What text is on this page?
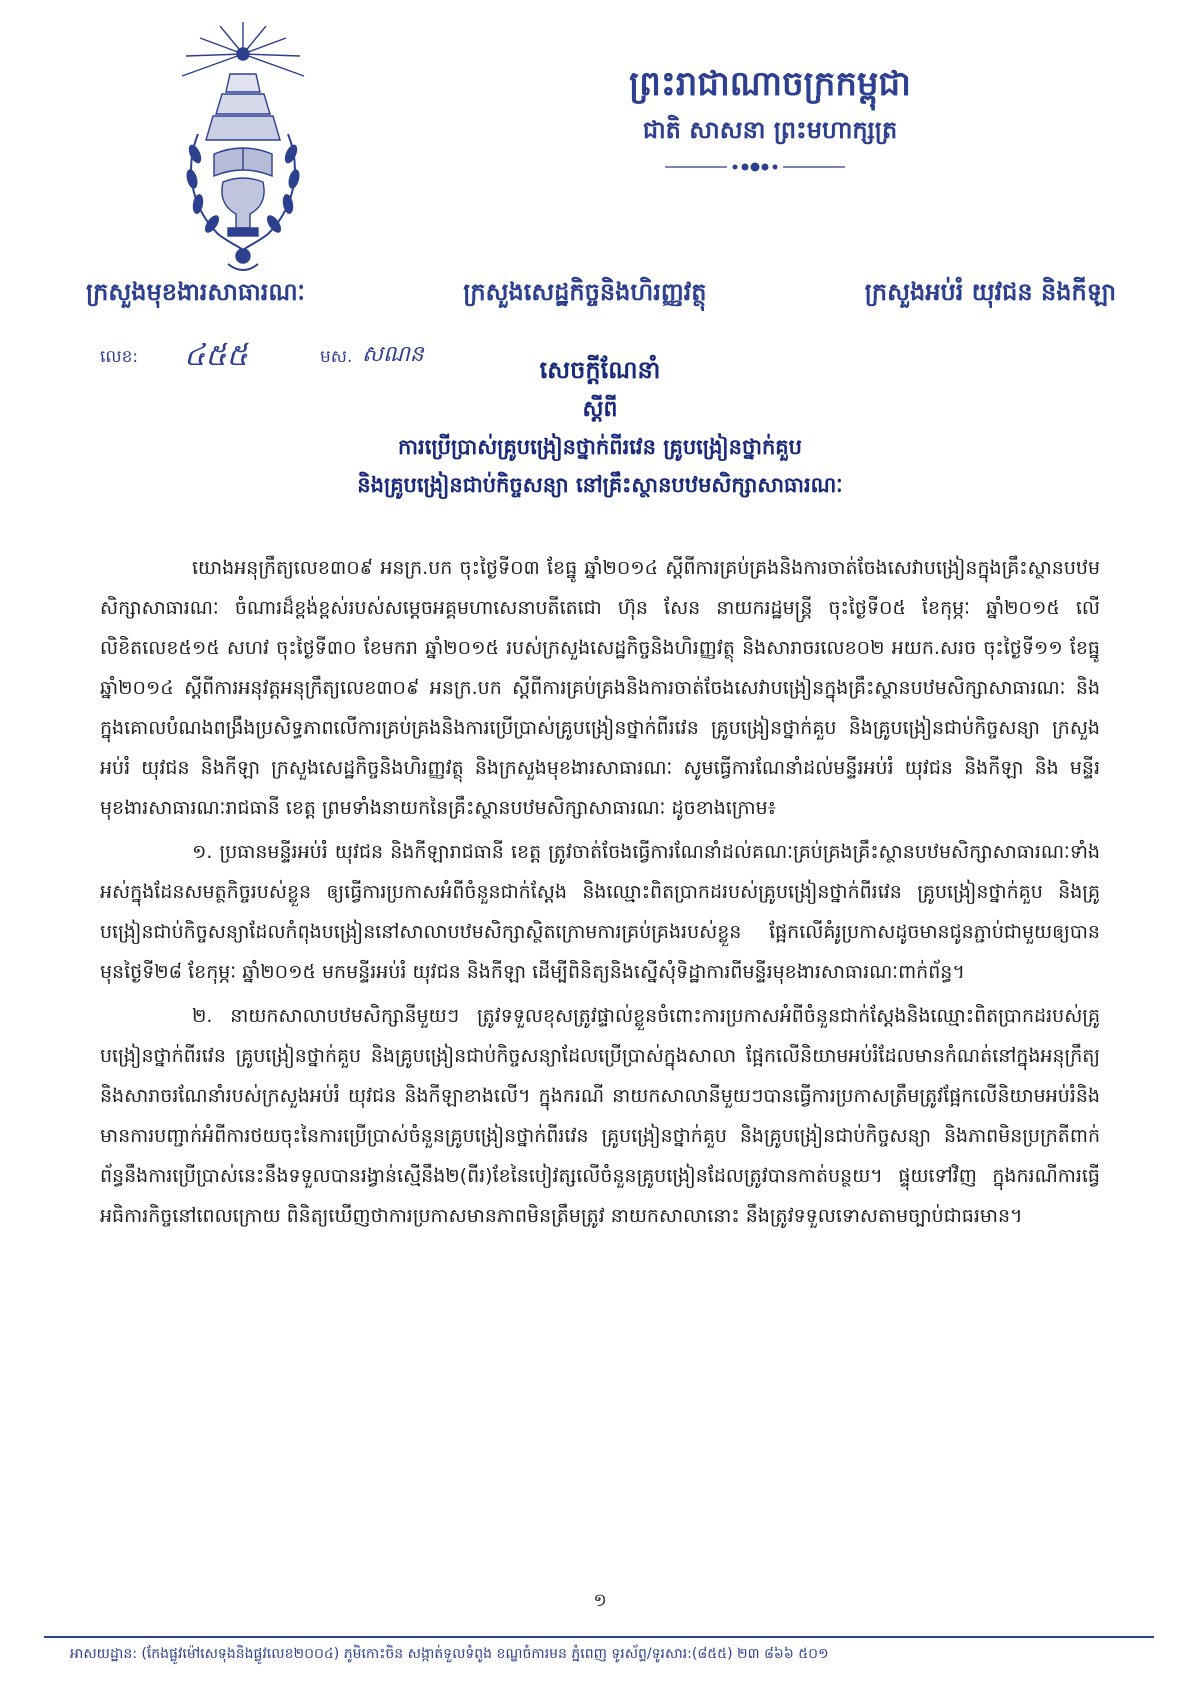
ព្រះរាជាណាចក្រកម្ពុជា
ជាតិ សាសនា ព្រះមហាក្សត្រ
ក្រសួងមុខងារសាធារណៈ	ក្រសួងសេដ្ឋកិច្ចនិងហិរញ្ញវត្ថុ	ក្រសួងអប់រំ យុវជន និងកីឡា
លេខ: ៤៥៥	មស. សណន
សេចក្តីណែនាំ
ស្តីពី
ការប្រើប្រាស់គ្រូបង្រៀនថ្នាក់ពីរវេន គ្រូបង្រៀនថ្នាក់គួប
និងគ្រូបង្រៀនជាប់កិច្ចសន្យា នៅគ្រឹះស្ថានបឋមសិក្សាសាធារណៈ

យោងអនុក្រឹត្យលេខ៣០៩ អនក្រ.បក ចុះថ្ងៃទី០៣ ខែធ្នូ ឆ្នាំ២០១៤ ស្តីពីការគ្រប់គ្រងនិងការចាត់ចែងសេវាបង្រៀនក្នុងគ្រឹះស្ថានបឋមសិក្សាសាធារណៈ ចំណារដ៏ខ្ពង់ខ្ពស់របស់សម្តេចអគ្គមហាសេនាបតីតេជោ ហ៊ុន សែន នាយករដ្ឋមន្ត្រី ចុះថ្ងៃទី០៥ ខែកុម្ភៈ ឆ្នាំ២០១៥ លើលិខិតលេខ៥១៥ សហវ ចុះថ្ងៃទី៣០ ខែមករា ឆ្នាំ២០១៥ របស់ក្រសួងសេដ្ឋកិច្ចនិងហិរញ្ញវត្ថុ និងសារាចរលេខ០២ អយក.សរច ចុះថ្ងៃទី១១ ខែធ្នូ ឆ្នាំ២០១៤ ស្តីពីការអនុវត្តអនុក្រឹត្យលេខ៣០៩ អនក្រ.បក ស្តីពីការគ្រប់គ្រងនិងការចាត់ចែងសេវាបង្រៀនក្នុងគ្រឹះស្ថានបឋមសិក្សាសាធារណៈ និងក្នុងគោលបំណងពង្រឹងប្រសិទ្ធភាពលើការគ្រប់គ្រងនិងការប្រើប្រាស់គ្រូបង្រៀនថ្នាក់ពីរវេន គ្រូបង្រៀនថ្នាក់គួប និងគ្រូបង្រៀនជាប់កិច្ចសន្យា ក្រសួងអប់រំ យុវជន និងកីឡា ក្រសួងសេដ្ឋកិច្ចនិងហិរញ្ញវត្ថុ និងក្រសួងមុខងារសាធារណៈ សូមធ្វើការណែនាំដល់មន្ទីរអប់រំ យុវជន និងកីឡា និង មន្ទីរមុខងារសាធារណៈរាជធានី ខេត្ត ព្រមទាំងនាយកនៃគ្រឹះស្ថានបឋមសិក្សាសាធារណៈ ដូចខាងក្រោម៖

១. ប្រធានមន្ទីរអប់រំ យុវជន និងកីឡារាជធានី ខេត្ត ត្រូវចាត់ចែងធ្វើការណែនាំដល់គណៈគ្រប់គ្រងគ្រឹះស្ថានបឋមសិក្សាសាធារណៈទាំងអស់ក្នុងដែនសមត្ថកិច្ចរបស់ខ្លួន ឲ្យធ្វើការប្រកាសអំពីចំនួនជាក់ស្តែង និងឈ្មោះពិតប្រាកដរបស់គ្រូបង្រៀនថ្នាក់ពីរវេន គ្រូបង្រៀនថ្នាក់គួប និងគ្រូបង្រៀនជាប់កិច្ចសន្យាដែលកំពុងបង្រៀននៅសាលាបឋមសិក្សាស្ថិតក្រោមការគ្រប់គ្រងរបស់ខ្លួន ផ្អែកលើគំរូប្រកាសដូចមានជូនភ្ជាប់ជាមួយឲ្យបានមុនថ្ងៃទី២៨ ខែកុម្ភៈ ឆ្នាំ២០១៥ មកមន្ទីរអប់រំ យុវជន និងកីឡា ដើម្បីពិនិត្យនិងស្នើសុំទិដ្ឋាការពីមន្ទីរមុខងារសាធារណៈពាក់ព័ន្ធ។

២. នាយកសាលាបឋមសិក្សានីមួយៗ ត្រូវទទួលខុសត្រូវផ្ទាល់ខ្លួនចំពោះការប្រកាសអំពីចំនួនជាក់ស្តែងនិងឈ្មោះពិតប្រាកដរបស់គ្រូបង្រៀនថ្នាក់ពីរវេន គ្រូបង្រៀនថ្នាក់គួប និងគ្រូបង្រៀនជាប់កិច្ចសន្យាដែលប្រើប្រាស់ក្នុងសាលា ផ្អែកលើនិយាមអប់រំដែលមានកំណត់នៅក្នុងអនុក្រឹត្យនិងសារាចរណែនាំរបស់ក្រសួងអប់រំ យុវជន និងកីឡាខាងលើ។ ក្នុងករណី នាយកសាលានីមួយៗបានធ្វើការប្រកាសត្រឹមត្រូវផ្អែកលើនិយាមអប់រំនិងមានការបញ្ជាក់អំពីការថយចុះនៃការប្រើប្រាស់ចំនួនគ្រូបង្រៀនថ្នាក់ពីរវេន គ្រូបង្រៀនថ្នាក់គួប និងគ្រូបង្រៀនជាប់កិច្ចសន្យា និងភាពមិនប្រក្រតីពាក់ព័ន្ធនឹងការប្រើប្រាស់នេះនឹងទទួលបានរង្វាន់ស្មើនឹង២(ពីរ)ខែនៃបៀវត្សលើចំនួនគ្រូបង្រៀនដែលត្រូវបានកាត់បន្ថយ។ ផ្ទុយទៅវិញ ក្នុងករណីការធ្វើអធិការកិច្ចនៅពេលក្រោយ ពិនិត្យឃើញថាការប្រកាសមានភាពមិនត្រឹមត្រូវ នាយកសាលានោះ នឹងត្រូវទទួលទោសតាមច្បាប់ជាធរមាន។

១
អាសយដ្ឋាន: (កែងផ្លូវម៉ៅសេទុងនិងផ្លូវលេខ២០០៤) ភូមិកោះចិន សង្កាត់ទួលទំពូង ខណ្ឌចំការមន ភ្នំពេញ ទូរស័ព្ទ/ទូរសារ:(៨៥៥) ២៣ ៨៦៦ ៥០១
